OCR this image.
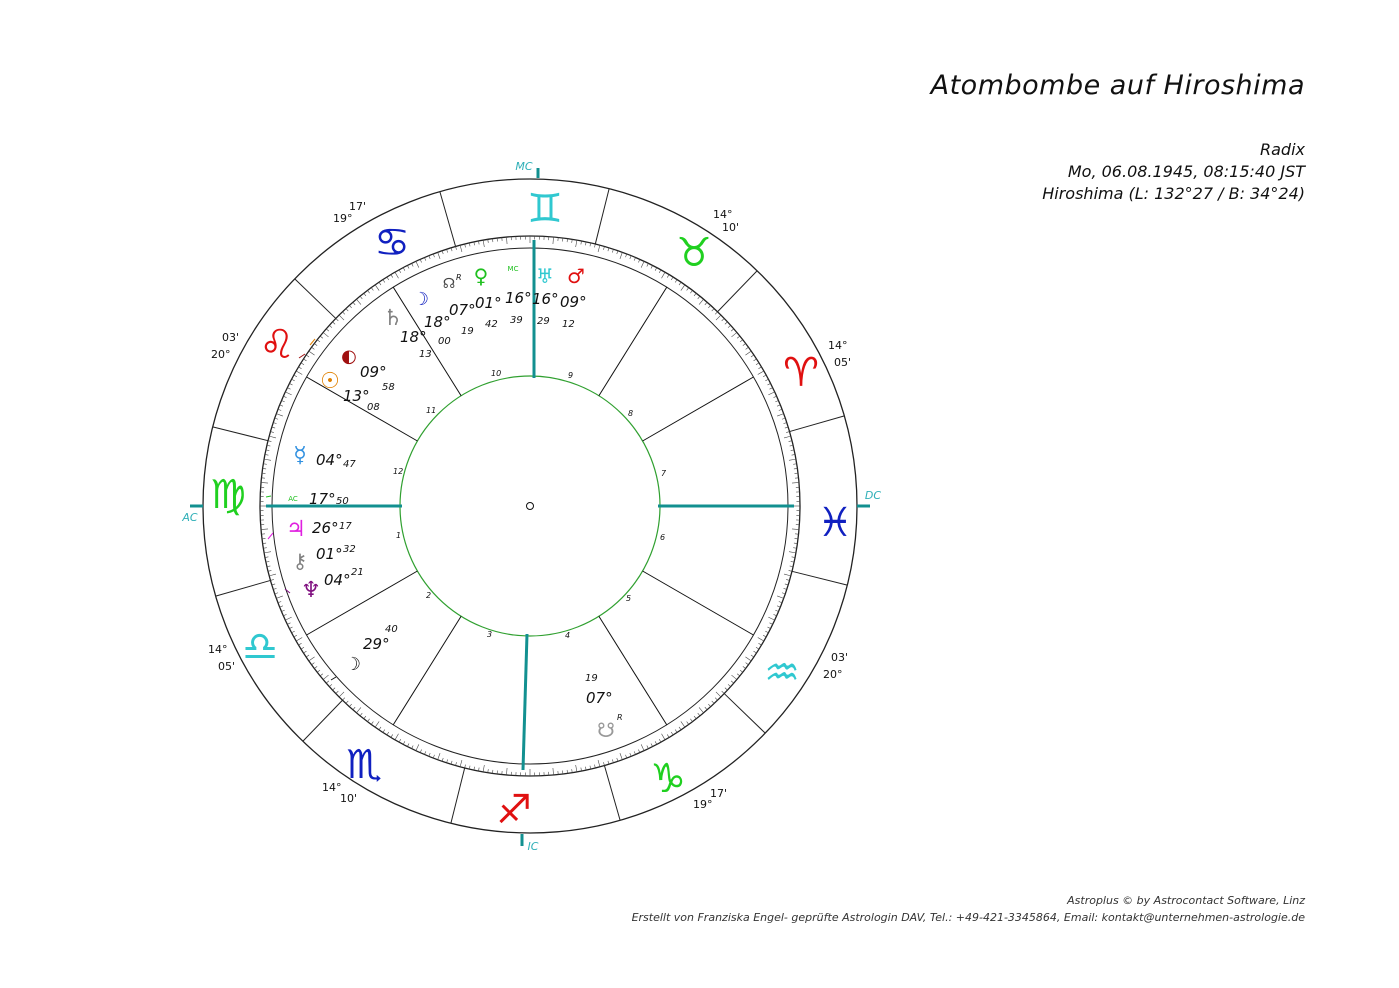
Atombombe auf Hiroshima
Radix
Mo, 06.08.1945, 08:15:40 JST
Hiroshima (L: 132°27 / B: 34°24)
Astroplus © by Astrocontact Software, Linz
Erstellt von Franziska Engel- geprüfte Astrologin DAV, Tel.: +49-421-3345864, Email: kontakt@unternehmen-astrologie.de
MC
IC
AC
DC
♊
♉
♈
♓
♒
♑
♐
♏
♎
♍
♌
♋
14°
10'
14°
05'
03'
20°
17'
19°
14°
10'
14°
05'
03'
20°
17'
19°
1
2
3	4
5
6
7
8
9
10
11
12
☉
13°
08
◐
09°
58
♄
18°
13
☽
18°
00
☊ R
07°
19
♀
01°
42
MC
16°
39
♅
16°
29
♂
09°
12
☿ 04° 47
AC 17° 50
♃ 26° 17
⚷ 01° 32
♆ 04° 21
☽
29°
40
☋
R
07°
19
